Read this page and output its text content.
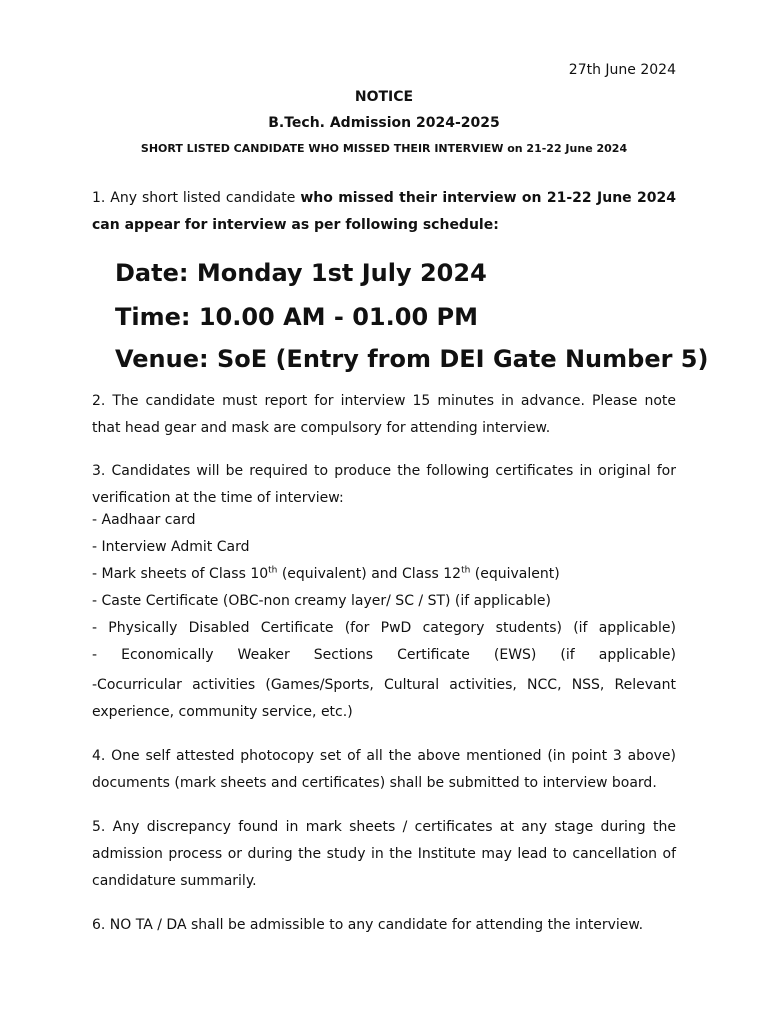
27th June 2024
NOTICE
B.Tech. Admission 2024-2025
SHORT LISTED CANDIDATE WHO MISSED THEIR INTERVIEW on 21-22 June 2024
1. Any short listed candidate who missed their interview on 21-22 June 2024 can appear for interview as per following schedule:
Date: Monday 1st July 2024
Time: 10.00 AM - 01.00 PM
Venue: SoE (Entry from DEI Gate Number 5)
2. The candidate must report for interview 15 minutes in advance. Please note that head gear and mask are compulsory for attending interview.
3. Candidates will be required to produce the following certificates in original for verification at the time of interview:
- Aadhaar card
- Interview Admit Card
- Mark sheets of Class 10th (equivalent) and Class 12th (equivalent)
- Caste Certificate (OBC-non creamy layer/ SC / ST) (if applicable)
- Physically Disabled Certificate (for PwD category students) (if applicable)
- Economically Weaker Sections Certificate (EWS) (if applicable)
-Cocurricular activities (Games/Sports, Cultural activities, NCC, NSS, Relevant experience, community service, etc.)
4. One self attested photocopy set of all the above mentioned (in point 3 above) documents (mark sheets and certificates) shall be submitted to interview board.
5. Any discrepancy found in mark sheets / certificates at any stage during the admission process or during the study in the Institute may lead to cancellation of candidature summarily.
6. NO TA / DA shall be admissible to any candidate for attending the interview.
